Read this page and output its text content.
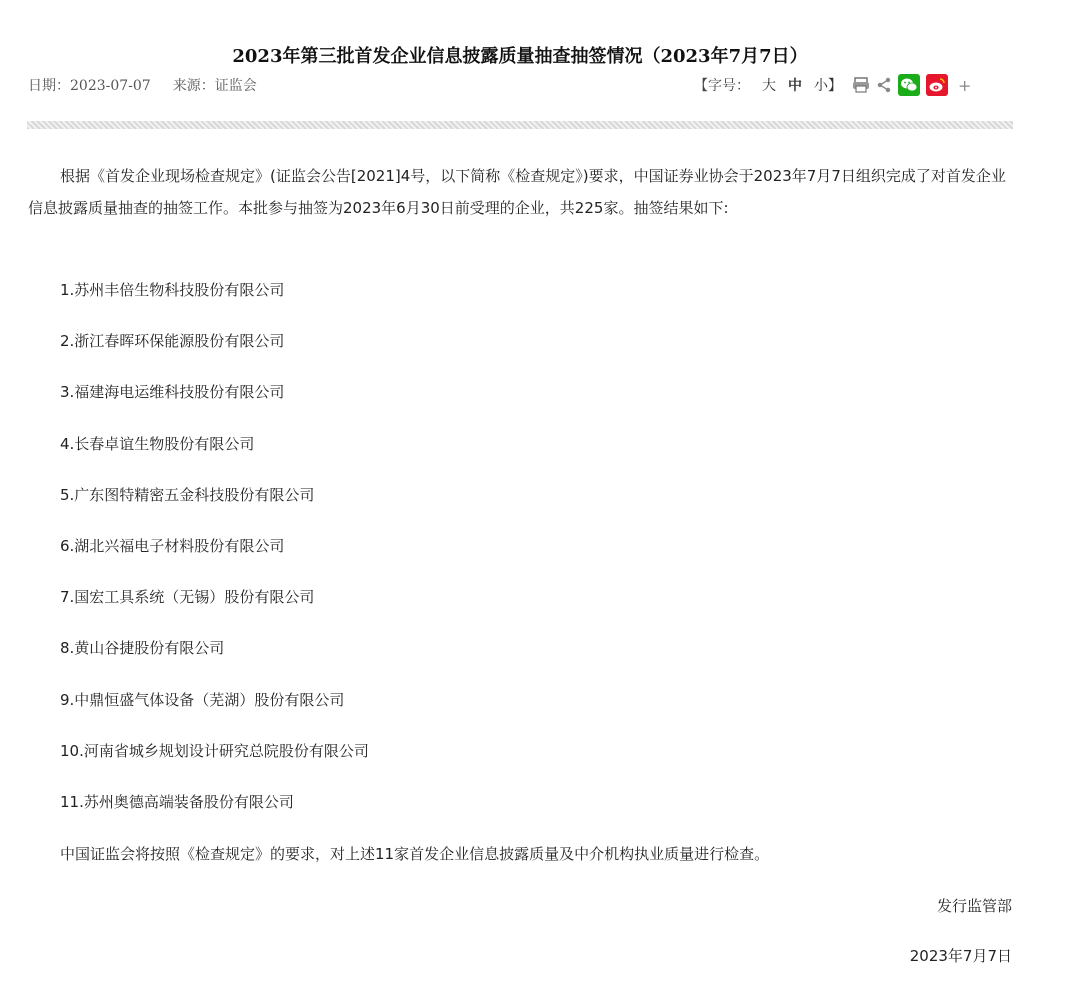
2023年第三批首发企业信息披露质量抽查抽签情况（2023年7月7日）
日期：2023-07-07 来源：证监会	【字号： 大 中 小】	+

根据《首发企业现场检查规定》(证监会公告[2021]4号，以下简称《检查规定》)要求，中国证券业协会于2023年7月7日组织完成了对首发企业信息披露质量抽查的抽签工作。本批参与抽签为2023年6月30日前受理的企业，共225家。抽签结果如下:

1.苏州丰倍生物科技股份有限公司
2.浙江春晖环保能源股份有限公司
3.福建海电运维科技股份有限公司
4.长春卓谊生物股份有限公司
5.广东图特精密五金科技股份有限公司
6.湖北兴福电子材料股份有限公司
7.国宏工具系统（无锡）股份有限公司
8.黄山谷捷股份有限公司
9.中鼎恒盛气体设备（芜湖）股份有限公司
10.河南省城乡规划设计研究总院股份有限公司
11.苏州奥德高端装备股份有限公司
中国证监会将按照《检查规定》的要求，对上述11家首发企业信息披露质量及中介机构执业质量进行检查。
发行监管部
2023年7月7日
